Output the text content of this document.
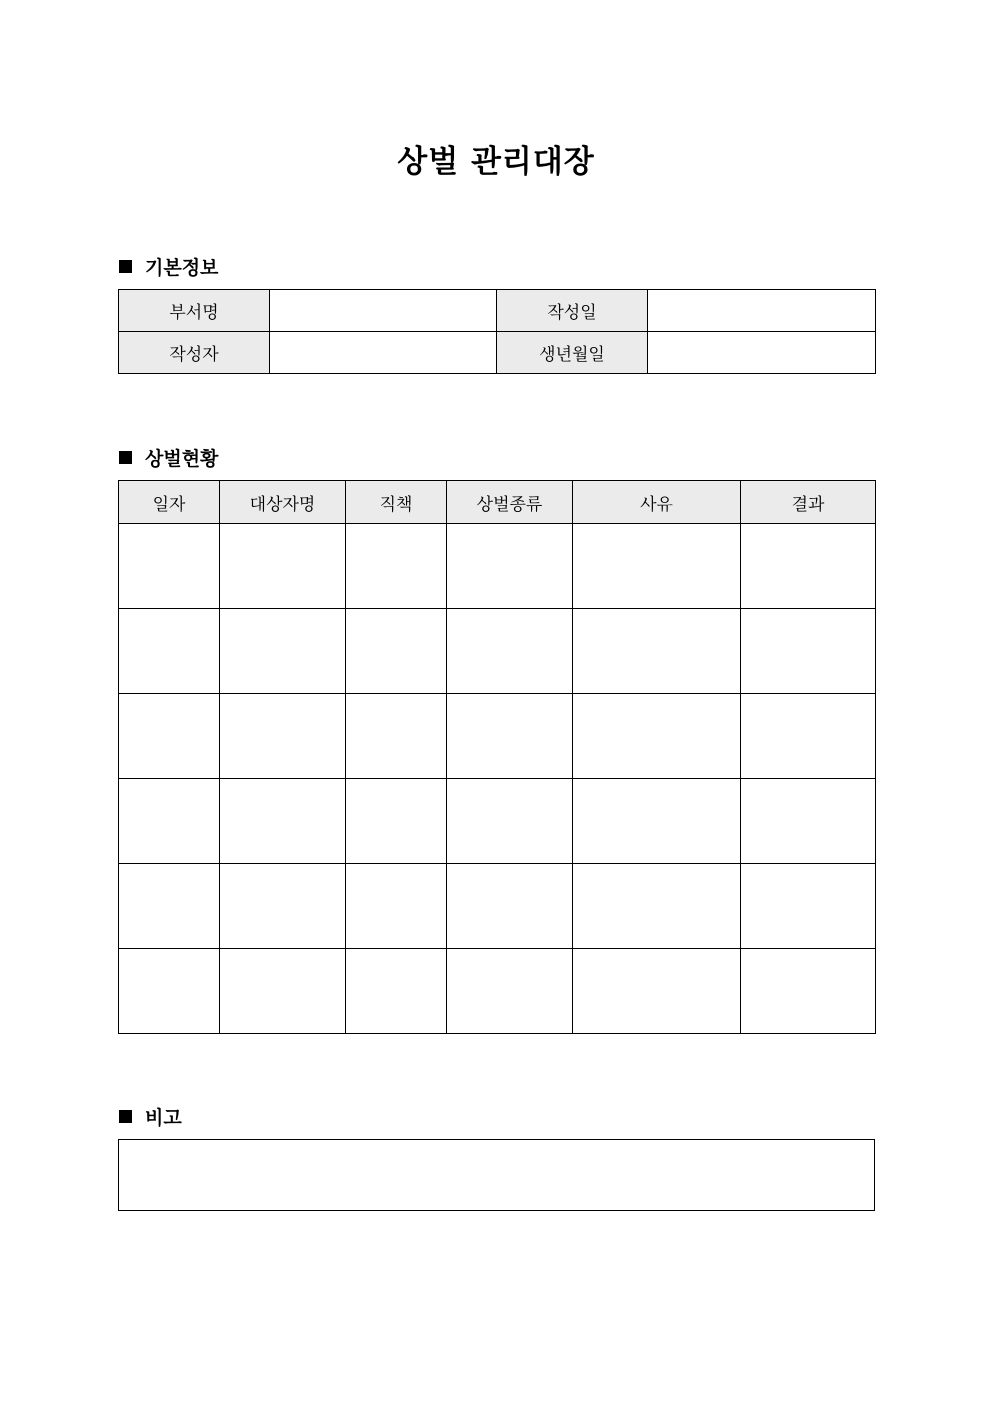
상벌 관리대장
기본정보
부서명		작성일	
작성자		생년월일	
상벌현황
일자	대상자명	직책	상벌종류	사유	결과

비고
